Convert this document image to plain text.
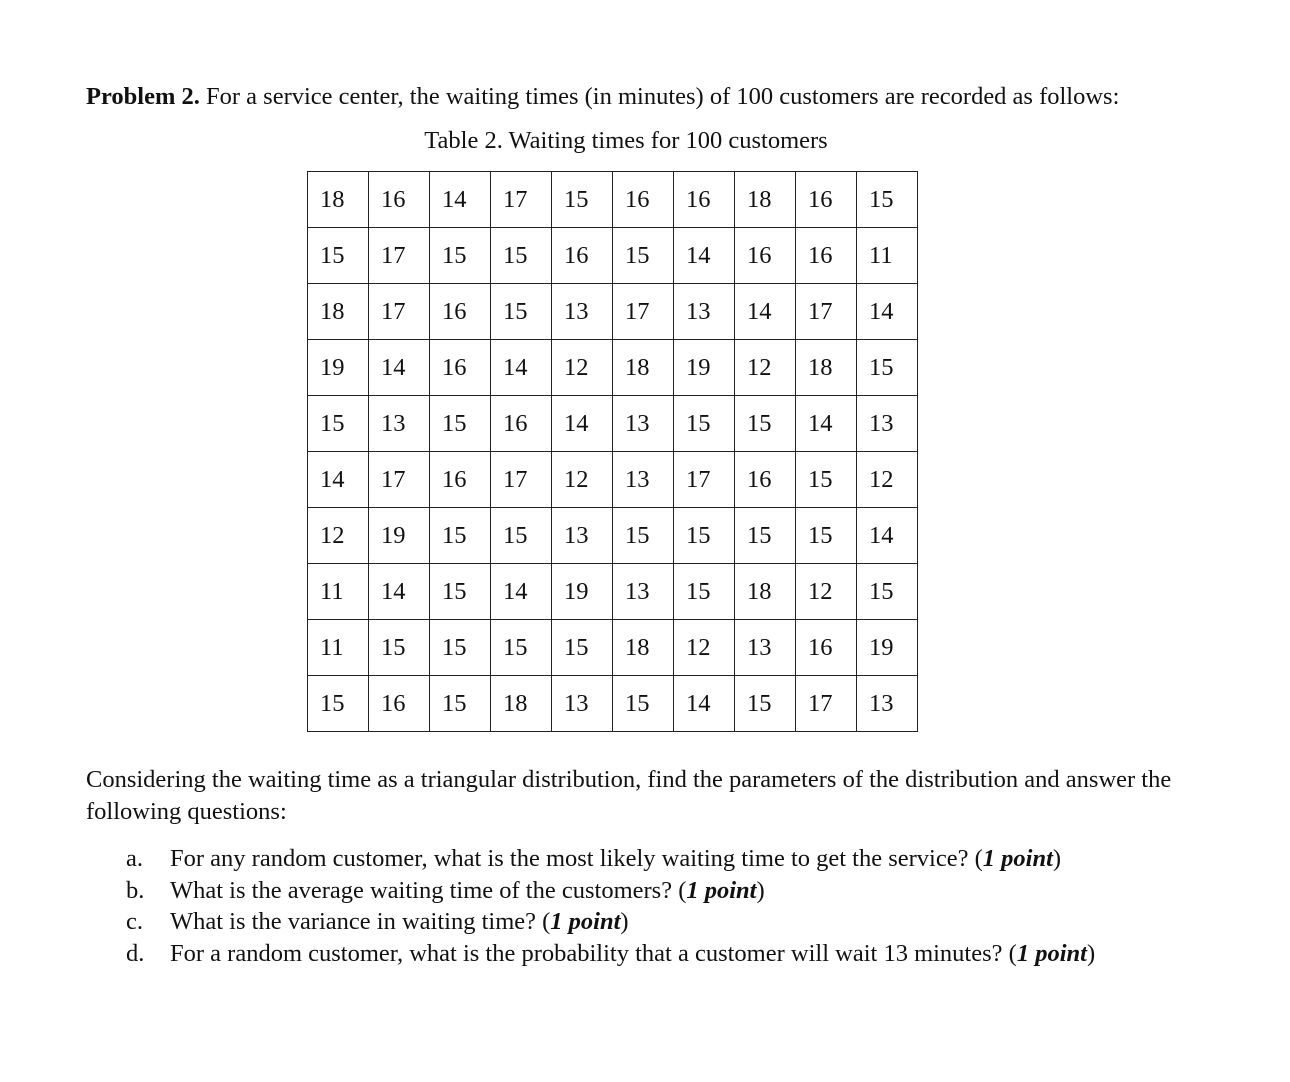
Problem 2. For a service center, the waiting times (in minutes) of 100 customers are recorded as follows:
Table 2. Waiting times for 100 customers
18	16	14	17	15	16	16	18	16	15
15	17	15	15	16	15	14	16	16	11
18	17	16	15	13	17	13	14	17	14
19	14	16	14	12	18	19	12	18	15
15	13	15	16	14	13	15	15	14	13
14	17	16	17	12	13	17	16	15	12
12	19	15	15	13	15	15	15	15	14
11	14	15	14	19	13	15	18	12	15
11	15	15	15	15	18	12	13	16	19
15	16	15	18	13	15	14	15	17	13
Considering the waiting time as a triangular distribution, find the parameters of the distribution and answer the following questions:
a. For any random customer, what is the most likely waiting time to get the service? (1 point)
b. What is the average waiting time of the customers? (1 point)
c. What is the variance in waiting time? (1 point)
d. For a random customer, what is the probability that a customer will wait 13 minutes? (1 point)
